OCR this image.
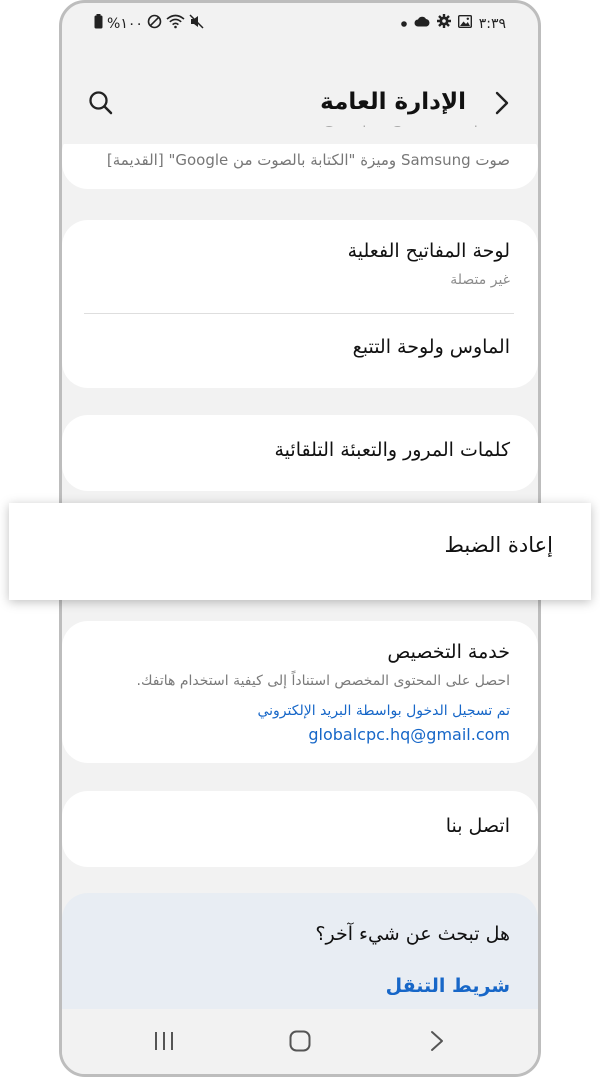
%١٠٠	٣:٣٩
الإدارة العامة
صوت Samsung وميزة "الكتابة بالصوت من Google" [القديمة]
لوحة المفاتيح الفعلية
غير متصلة
الماوس ولوحة التتبع
كلمات المرور والتعبئة التلقائية
خدمة التخصيص
احصل على المحتوى المخصص استناداً إلى كيفية استخدام هاتفك.
تم تسجيل الدخول بواسطة البريد الإلكتروني
globalcpc.hq@gmail.com
اتصل بنا
هل تبحث عن شيء آخر؟
شريط التنقل
إعادة الضبط
